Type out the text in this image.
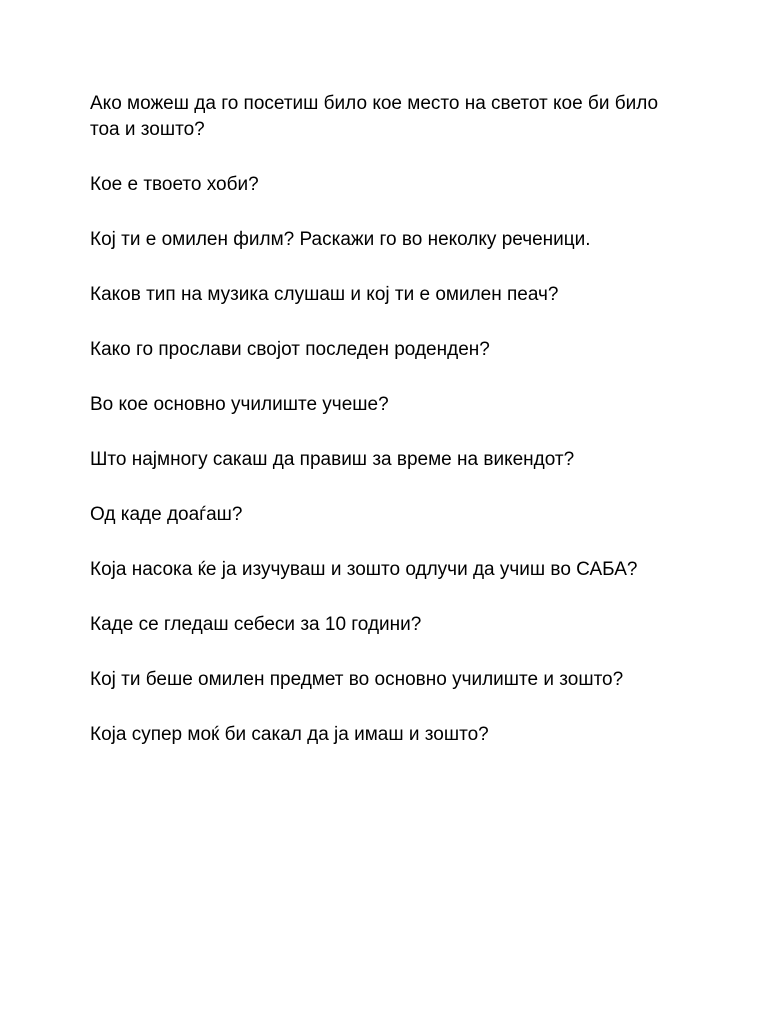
Ако можеш да го посетиш било кое место на светот кое би било тоа и зошто?
Кое е твоето хоби?
Кој ти е омилен филм? Раскажи го во неколку реченици.
Каков тип на музика слушаш и кој ти е омилен пеач?
Како го прослави својот последен роденден?
Во кое основно училиште учеше?
Што најмногу сакаш да правиш за време на викендот?
Од каде доаѓаш?
Која насока ќе ја изучуваш и зошто одлучи да учиш во САБА?
Каде се гледаш себеси за 10 години?
Кој ти беше омилен предмет во основно училиште и зошто?
Која супер моќ би сакал да ја имаш и зошто?
